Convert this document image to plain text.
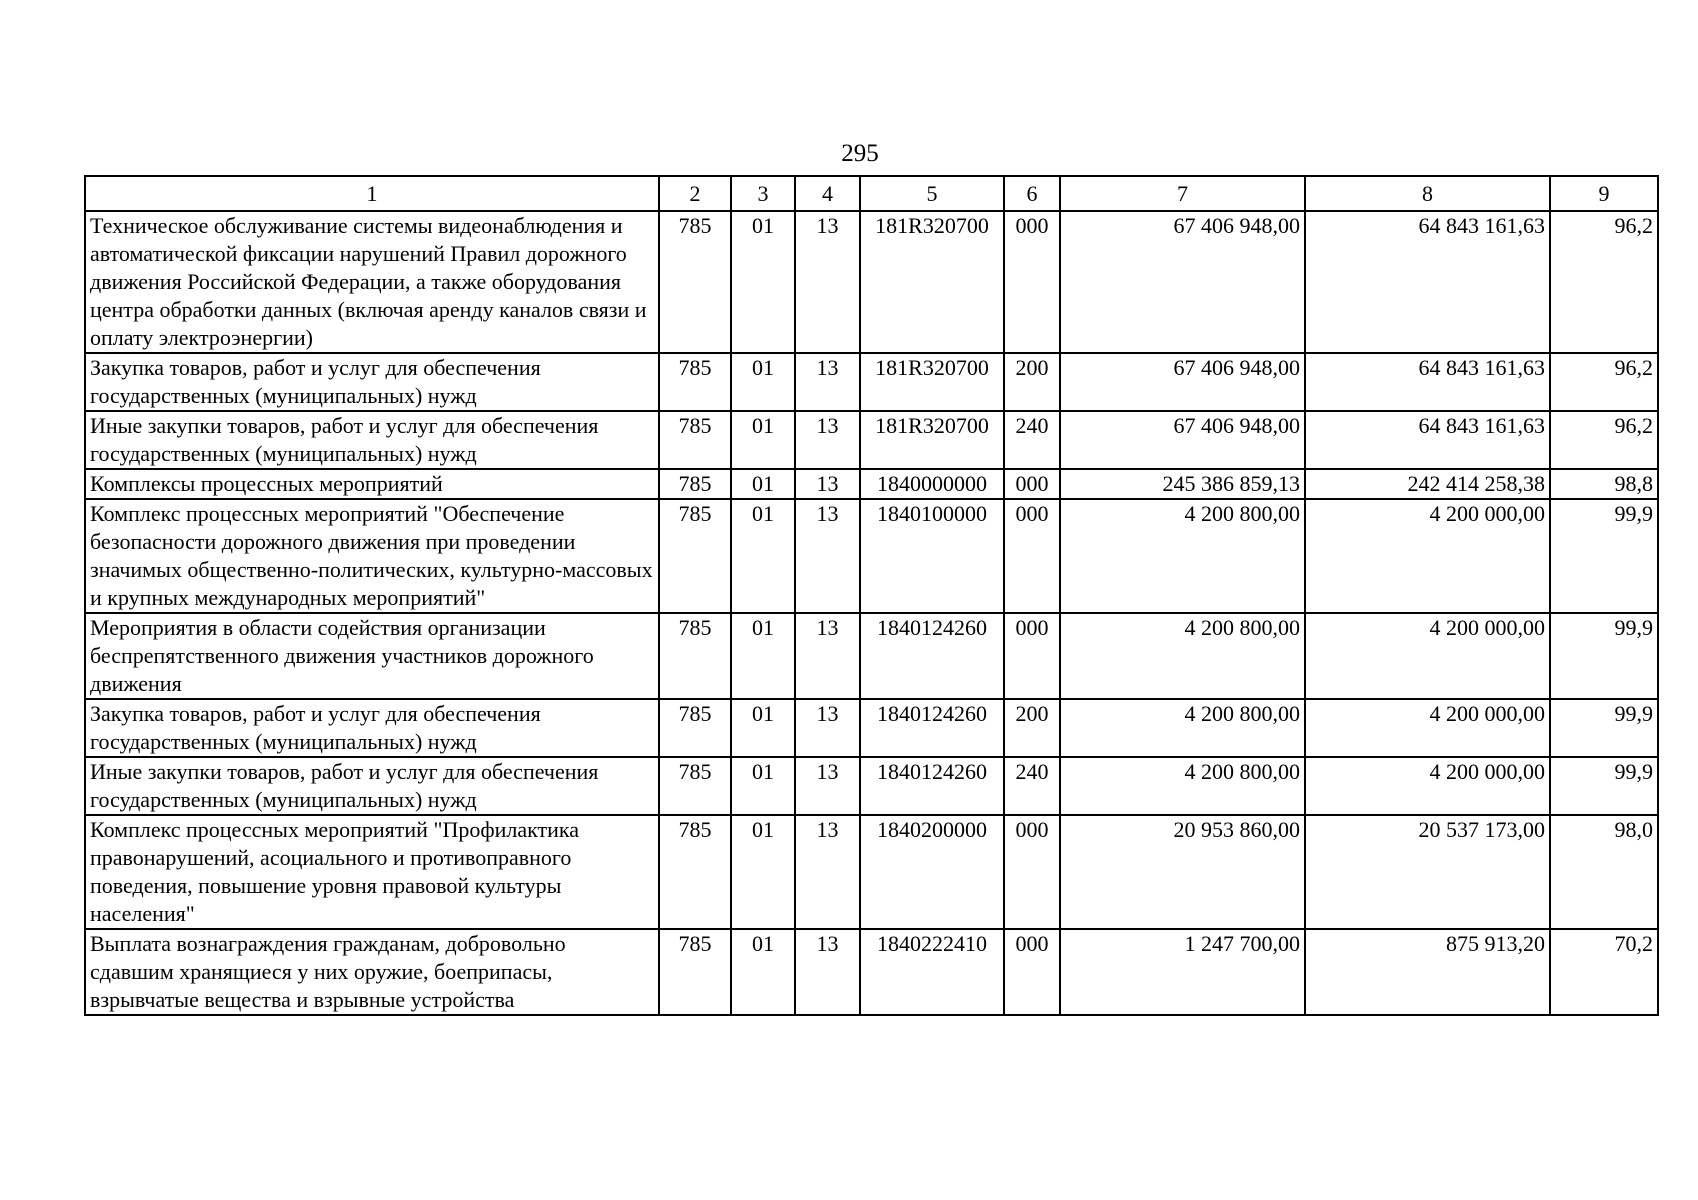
295
1	2	3	4	5	6	7	8	9
Техническое обслуживание системы видеонаблюдения и автоматической фиксации нарушений Правил дорожного движения Российской Федерации, а также оборудования центра обработки данных (включая аренду каналов связи и оплату электроэнергии)	785	01	13	181R320700	000	67 406 948,00	64 843 161,63	96,2
Закупка товаров, работ и услуг для обеспечения государственных (муниципальных) нужд	785	01	13	181R320700	200	67 406 948,00	64 843 161,63	96,2
Иные закупки товаров, работ и услуг для обеспечения государственных (муниципальных) нужд	785	01	13	181R320700	240	67 406 948,00	64 843 161,63	96,2
Комплексы процессных мероприятий	785	01	13	1840000000	000	245 386 859,13	242 414 258,38	98,8
Комплекс процессных мероприятий "Обеспечение безопасности дорожного движения при проведении значимых общественно-политических, культурно-массовых и крупных международных мероприятий"	785	01	13	1840100000	000	4 200 800,00	4 200 000,00	99,9
Мероприятия в области содействия организации беспрепятственного движения участников дорожного движения	785	01	13	1840124260	000	4 200 800,00	4 200 000,00	99,9
Закупка товаров, работ и услуг для обеспечения государственных (муниципальных) нужд	785	01	13	1840124260	200	4 200 800,00	4 200 000,00	99,9
Иные закупки товаров, работ и услуг для обеспечения государственных (муниципальных) нужд	785	01	13	1840124260	240	4 200 800,00	4 200 000,00	99,9
Комплекс процессных мероприятий "Профилактика правонарушений, асоциального и противоправного поведения, повышение уровня правовой культуры населения"	785	01	13	1840200000	000	20 953 860,00	20 537 173,00	98,0
Выплата вознаграждения гражданам, добровольно сдавшим хранящиеся у них оружие, боеприпасы, взрывчатые вещества и взрывные устройства	785	01	13	1840222410	000	1 247 700,00	875 913,20	70,2
